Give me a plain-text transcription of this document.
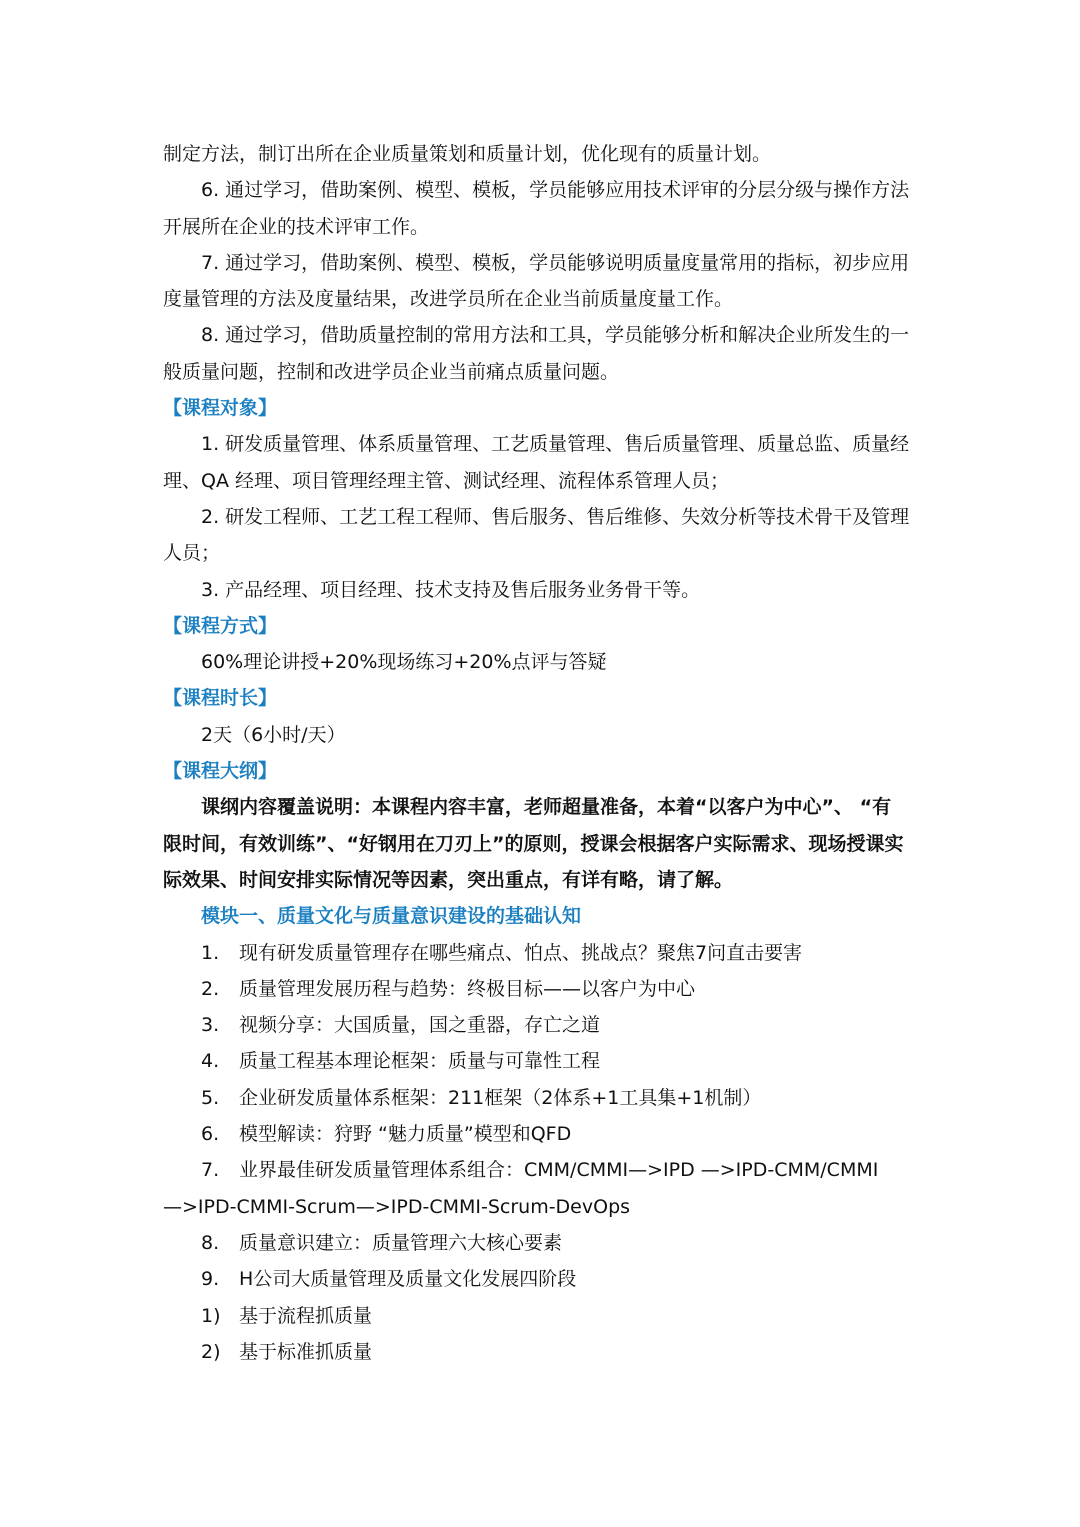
制定方法，制订出所在企业质量策划和质量计划，优化现有的质量计划。
6. 通过学习，借助案例、模型、模板，学员能够应用技术评审的分层分级与操作方法
开展所在企业的技术评审工作。
7. 通过学习，借助案例、模型、模板，学员能够说明质量度量常用的指标，初步应用
度量管理的方法及度量结果，改进学员所在企业当前质量度量工作。
8. 通过学习，借助质量控制的常用方法和工具，学员能够分析和解决企业所发生的一
般质量问题，控制和改进学员企业当前痛点质量问题。
【课程对象】
1. 研发质量管理、体系质量管理、工艺质量管理、售后质量管理、质量总监、质量经
理、QA 经理、项目管理经理主管、测试经理、流程体系管理人员；
2. 研发工程师、工艺工程工程师、售后服务、售后维修、失效分析等技术骨干及管理
人员；
3. 产品经理、项目经理、技术支持及售后服务业务骨干等。
【课程方式】
60%理论讲授+20%现场练习+20%点评与答疑
【课程时长】
2天（6小时/天）
【课程大纲】
课纲内容覆盖说明：本课程内容丰富，老师超量准备，本着“以客户为中心”、 “有
限时间，有效训练”、“好钢用在刀刃上”的原则，授课会根据客户实际需求、现场授课实
际效果、时间安排实际情况等因素，突出重点，有详有略，请了解。
模块一、质量文化与质量意识建设的基础认知
1. 现有研发质量管理存在哪些痛点、怕点、挑战点？聚焦7问直击要害
2. 质量管理发展历程与趋势：终极目标——以客户为中心
3. 视频分享：大国质量，国之重器，存亡之道
4. 质量工程基本理论框架：质量与可靠性工程
5. 企业研发质量体系框架：211框架（2体系+1工具集+1机制）
6. 模型解读：狩野 “魅力质量”模型和QFD
7. 业界最佳研发质量管理体系组合：CMM/CMMI—>IPD —>IPD-CMM/CMMI
—>IPD-CMMI-Scrum—>IPD-CMMI-Scrum-DevOps
8. 质量意识建立：质量管理六大核心要素
9. H公司大质量管理及质量文化发展四阶段
1) 基于流程抓质量
2) 基于标准抓质量
